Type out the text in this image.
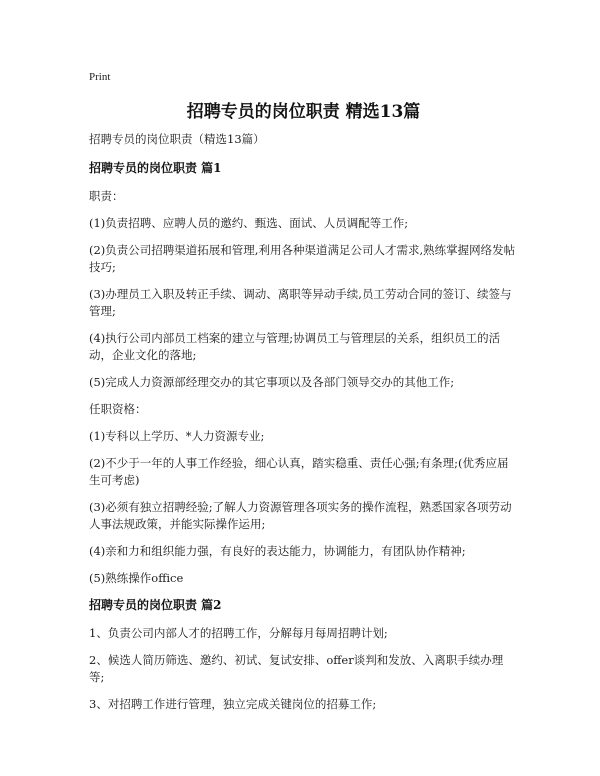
Print
招聘专员的岗位职责 精选13篇
招聘专员的岗位职责（精选13篇）
招聘专员的岗位职责 篇1
职责：
(1)负责招聘、应聘人员的邀约、甄选、面试、人员调配等工作;
(2)负责公司招聘渠道拓展和管理,利用各种渠道满足公司人才需求,熟练掌握网络发帖技巧;
(3)办理员工入职及转正手续、调动、离职等异动手续,员工劳动合同的签订、续签与管理;
(4)执行公司内部员工档案的建立与管理;协调员工与管理层的关系，组织员工的活动，企业文化的落地;
(5)完成人力资源部经理交办的其它事项以及各部门领导交办的其他工作;
任职资格：
(1)专科以上学历、*人力资源专业;
(2)不少于一年的人事工作经验，细心认真，踏实稳重、责任心强;有条理;(优秀应届生可考虑)
(3)必须有独立招聘经验;了解人力资源管理各项实务的操作流程，熟悉国家各项劳动人事法规政策，并能实际操作运用;
(4)亲和力和组织能力强，有良好的表达能力，协调能力，有团队协作精神;
(5)熟练操作office
招聘专员的岗位职责 篇2
1、负责公司内部人才的招聘工作，分解每月每周招聘计划;
2、候选人简历筛选、邀约、初试、复试安排、offer谈判和发放、入离职手续办理等;
3、对招聘工作进行管理，独立完成关键岗位的招募工作;
